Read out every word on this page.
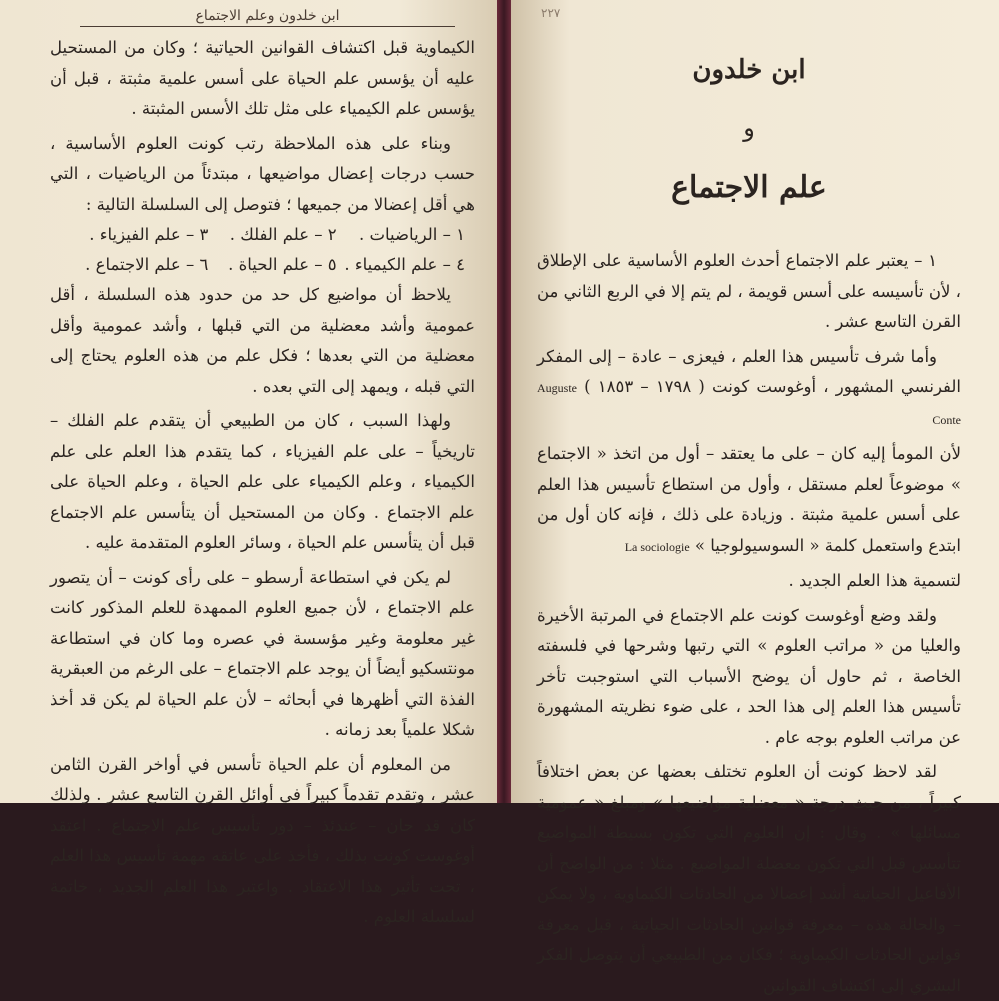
ابن خلدون وعلم الاجتماع

الكيماوية قبل اكتشاف القوانين الحياتية ؛ وكان من المستحيل عليه أن يؤسس علم الحياة على أسس علمية مثبتة ، قبل أن يؤسس علم الكيمياء على مثل تلك الأسس المثبتة .

وبناء على هذه الملاحظة رتب كونت العلوم الأساسية ، حسب درجات إعضال مواضيعها ، مبتدئاً من الرياضيات ، التي هي أقل إعضالا من جميعها ؛ فتوصل إلى السلسلة التالية :

١ – الرياضيات .
٢ – علم الفلك .
٣ – علم الفيزياء .
٤ – علم الكيمياء .
٥ – علم الحياة .
٦ – علم الاجتماع .

يلاحظ أن مواضيع كل حد من حدود هذه السلسلة ، أقل عمومية وأشد معضلية من التي قبلها ، وأشد عمومية وأقل معضلية من التي بعدها ؛ فكل علم من هذه العلوم يحتاج إلى التي قبله ، ويمهد إلى التي بعده .

ولهذا السبب ، كان من الطبيعي أن يتقدم علم الفلك – تاريخياً – على علم الفيزياء ، كما يتقدم هذا العلم على علم الكيمياء ، وعلم الكيمياء على علم الحياة ، وعلم الحياة على علم الاجتماع . وكان من المستحيل أن يتأسس علم الاجتماع قبل أن يتأسس علم الحياة ، وسائر العلوم المتقدمة عليه .

لم يكن في استطاعة أرسطو – على رأى كونت – أن يتصور علم الاجتماع ، لأن جميع العلوم الممهدة للعلم المذكور كانت غير معلومة وغير مؤسسة في عصره وما كان في استطاعة مونتسكيو أيضاً أن يوجد علم الاجتماع – على الرغم من العبقرية الفذة التي أظهرها في أبحاثه – لأن علم الحياة لم يكن قد أخذ شكلا علمياً بعد زمانه .

من المعلوم أن علم الحياة تأسس في أواخر القرن الثامن عشر ، وتقدم تقدماً كبيراً في أوائل القرن التاسع عشر . ولذلك كان قد حان – عندئذ – دور تأسيس علم الاجتماع . اعتقد أوغوست كونت بذلك ، فأخذ على عاتقه مهمة تأسيس هذا العلم ، تحت تأثير هذا الاعتقاد . واعتبر هذا العلم الجديد ، خاتمة لسلسلة العلوم .

٢٢٧
ابن خلدون
و
علم الاجتماع

١ – يعتبر علم الاجتماع أحدث العلوم الأساسية على الإطلاق ، لأن تأسيسه على أسس قويمة ، لم يتم إلا في الربع الثاني من القرن التاسع عشر .

وأما شرف تأسيس هذا العلم ، فيعزى – عادة – إلى المفكر الفرنسي المشهور ، أوغوست كونت ( ١٧٩٨ – ١٨٥٣ ) Auguste Conte

لأن المومأ إليه كان – على ما يعتقد – أول من اتخذ « الاجتماع » موضوعاً لعلم مستقل ، وأول من استطاع تأسيس هذا العلم على أسس علمية مثبتة . وزيادة على ذلك ، فإنه كان أول من ابتدع واستعمل كلمة « السوسيولوجيا » La sociologie

لتسمية هذا العلم الجديد .

ولقد وضع أوغوست كونت علم الاجتماع في المرتبة الأخيرة والعليا من « مراتب العلوم » التي رتبها وشرحها في فلسفته الخاصة ، ثم حاول أن يوضح الأسباب التي استوجبت تأخر تأسيس هذا العلم إلى هذا الحد ، على ضوء نظريته المشهورة عن مراتب العلوم بوجه عام .

لقد لاحظ كونت أن العلوم تختلف بعضها عن بعض اختلافاً كبيراً ، من حيث درجة « معضلية مواضيعها » ومبلغ « عمومية مسائلها » . وقال : إن العلوم التي تكون بسيطة المواضيع تتأسس قبل التي تكون معضلة المواضيع . مثلا : من الواضح أن الأفاعيل الحياتية أشد إعضالا من الحادثات الكيماوية ، ولا يمكن – والحالة هذه – معرفة قوانين الحادثات الحياتية ، قبل معرفة قوانين الحادثات الكيماوية ؛ فكان من الطبيعي أن يتوصل الفكر البشري إلى اكتشاف القوانين
